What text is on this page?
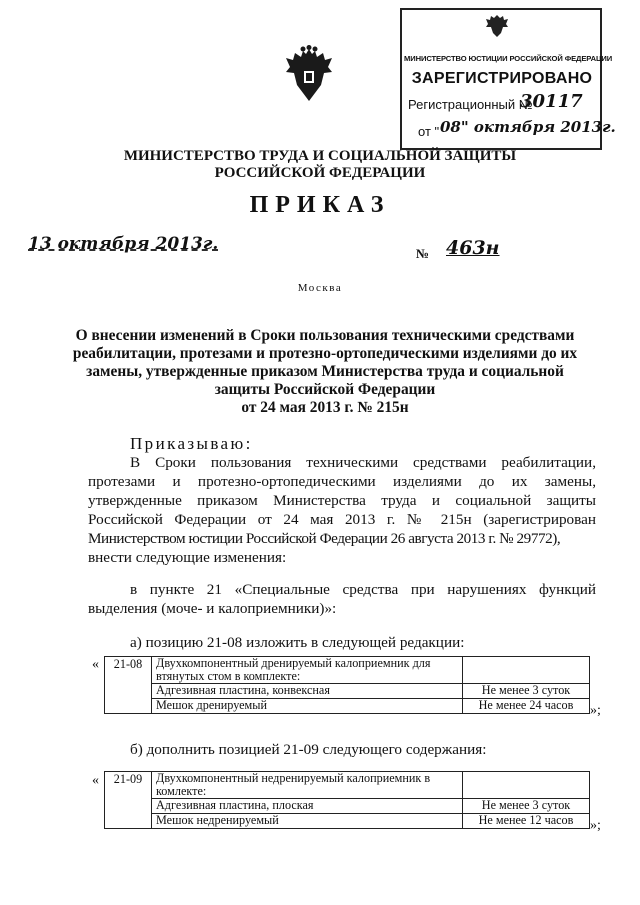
МИНИСТЕРСТВО ЮСТИЦИИ РОССИЙСКОЙ ФЕДЕРАЦИИ
ЗАРЕГИСТРИРОВАНО
Регистрационный №
30117
от " 08" октября 2013г.
МИНИСТЕРСТВО ТРУДА И СОЦИАЛЬНОЙ ЗАЩИТЫ
РОССИЙСКОЙ ФЕДЕРАЦИИ
ПРИКАЗ
13 октября 2013г.	№ 463н
Москва
О внесении изменений в Сроки пользования техническими средствами
реабилитации, протезами и протезно-ортопедическими изделиями до их
замены, утвержденные приказом Министерства труда и социальной
защиты Российской Федерации
от 24 мая 2013 г. № 215н
Приказываю:
В Сроки пользования техническими средствами реабилитации,
протезами и протезно-ортопедическими изделиями до их замены,
утвержденные приказом Министерства труда и социальной защиты
Российской Федерации от 24 мая 2013 г. № 215н (зарегистрирован
Министерством юстиции Российской Федерации 26 августа 2013 г. № 29772),
внести следующие изменения:
в пункте 21 «Специальные средства при нарушениях функций
выделения (моче- и калоприемники)»:
а) позицию 21-08 изложить в следующей редакции:
« 21-08	Двухкомпонентный дренируемый калоприемник для втянутых стом в комплекте:	
	Адгезивная пластина, конвексная	Не менее 3 суток
	Мешок дренируемый	Не менее 24 часов »;
б) дополнить позицией 21-09 следующего содержания:
« 21-09	Двухкомпонентный недренируемый калоприемник в комлекте:	
	Адгезивная пластина, плоская	Не менее 3 суток
	Мешок недренируемый	Не менее 12 часов »;
